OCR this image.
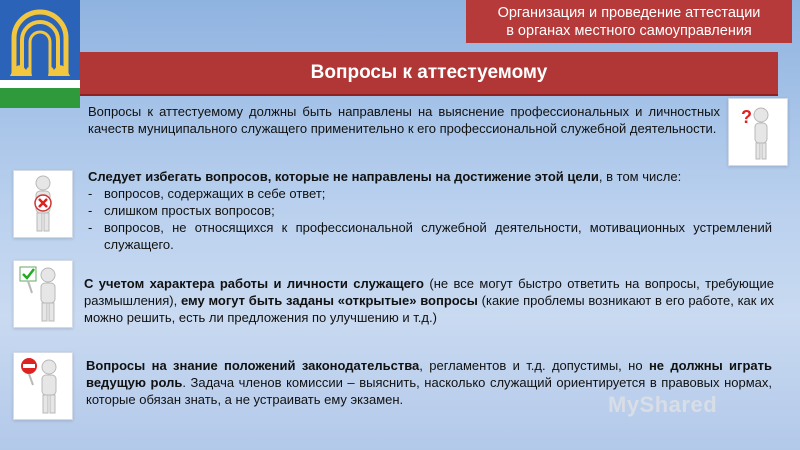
Организация и проведение аттестации
в органах местного самоуправления
Вопросы к аттестуемому
Вопросы к аттестуемому должны быть направлены на выяснение профессиональных и личностных качеств муниципального служащего применительно к его профессиональной служебной деятельности.
?
Следует избегать вопросов, которые не направлены на достижение этой цели, в том числе:
- вопросов, содержащих в себе ответ;
- слишком простых вопросов;
- вопросов, не относящихся к профессиональной служебной деятельности, мотивационных устремлений служащего.
С учетом характера работы и личности служащего (не все могут быстро ответить на вопросы, требующие размышления), ему могут быть заданы «открытые» вопросы (какие проблемы возникают в его работе, как их можно решить, есть ли предложения по улучшению и т.д.)
Вопросы на знание положений законодательства, регламентов и т.д. допустимы, но не должны играть ведущую роль. Задача членов комиссии – выяснить, насколько служащий ориентируется в правовых нормах, которые обязан знать, а не устраивать ему экзамен.	MyShared
